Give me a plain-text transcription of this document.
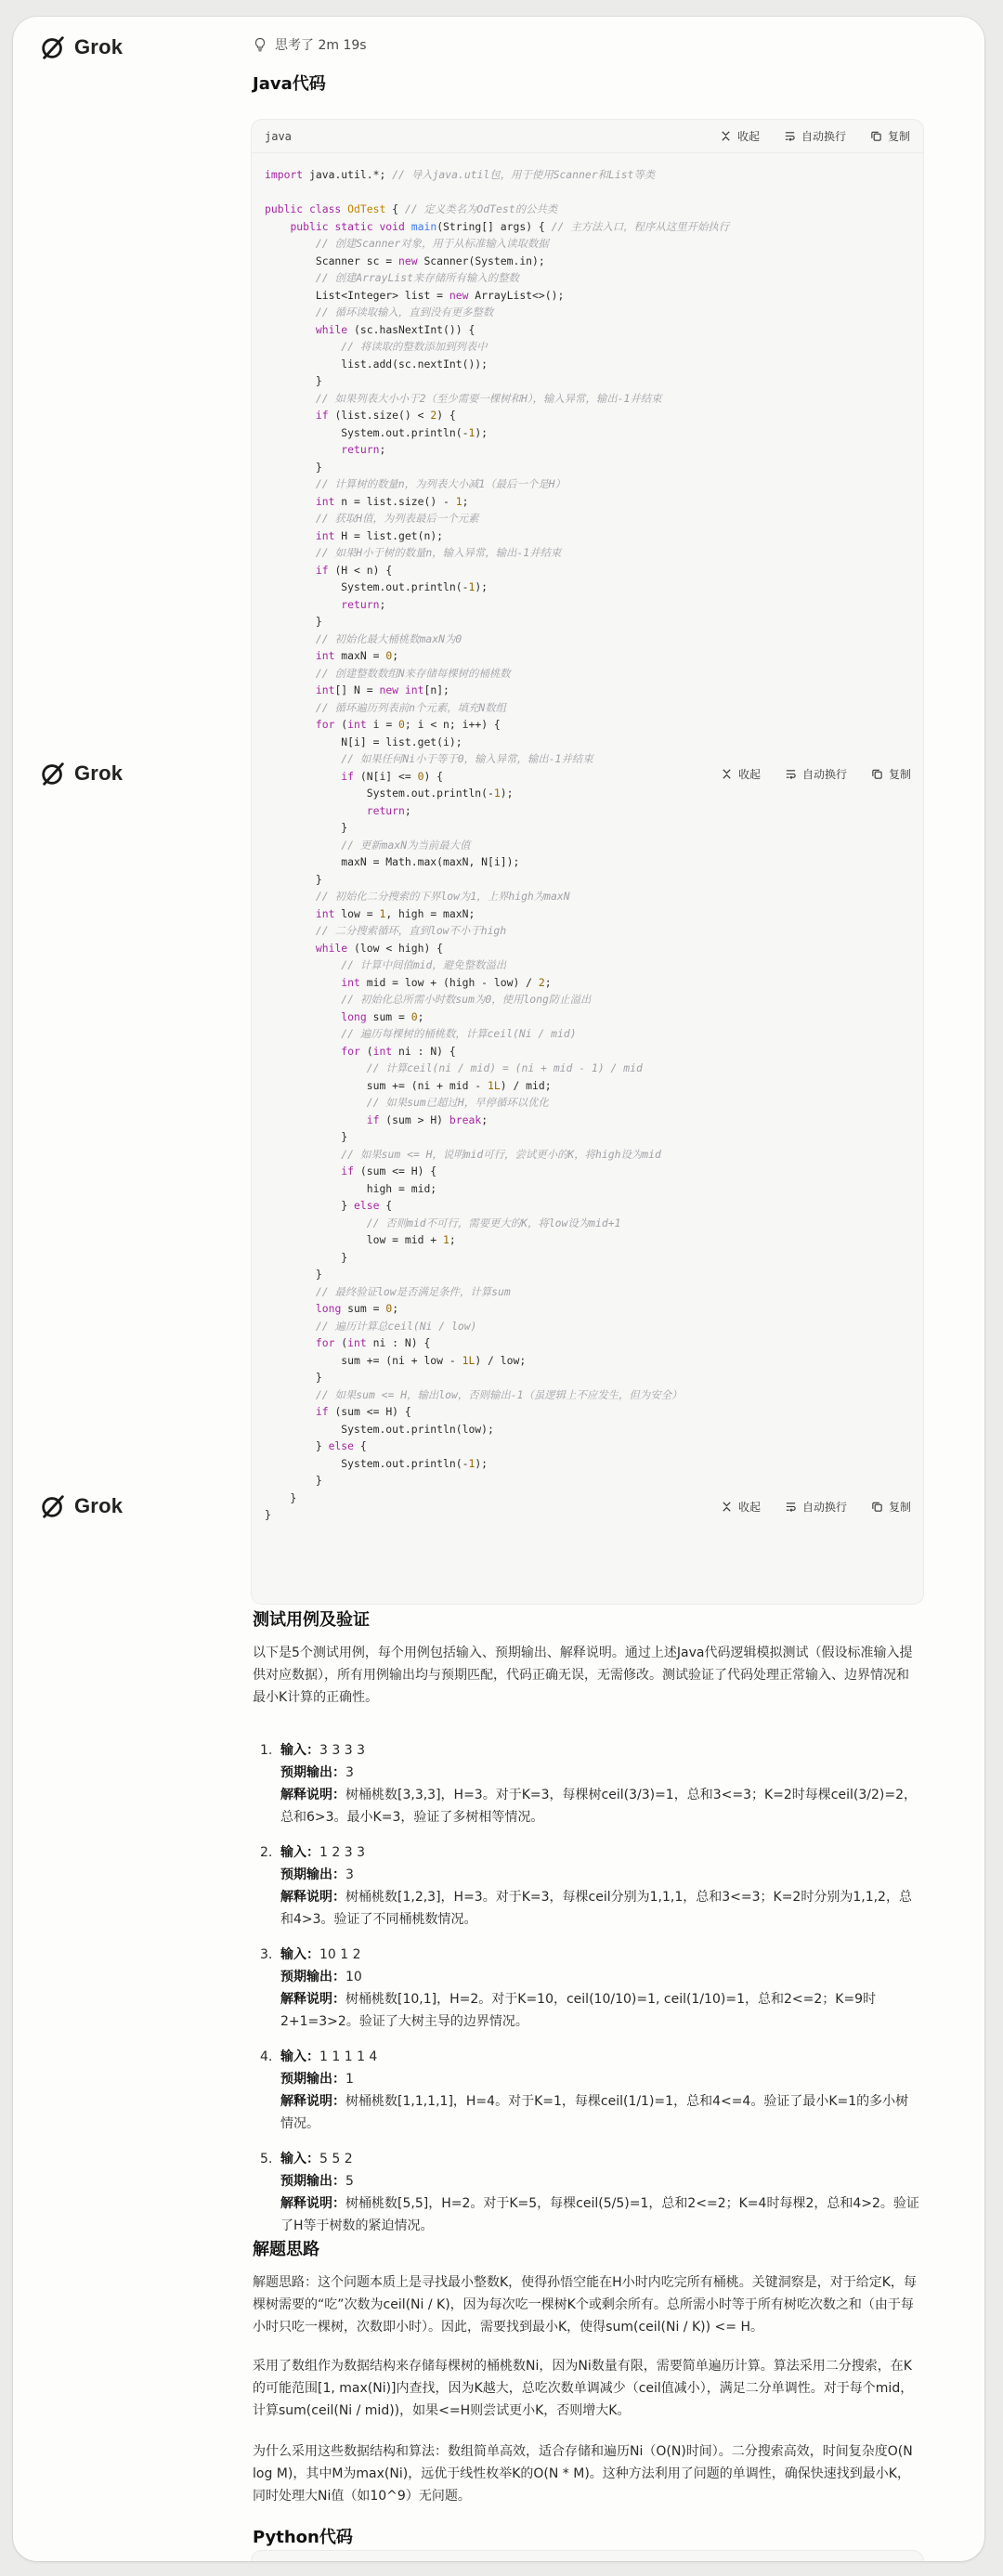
Grok
Grok
Grok
思考了 2m 19s
Java代码
java	收起	自动换行	复制
import java.util.*; // 导入java.util包，用于使用Scanner和List等类

public class OdTest { // 定义类名为OdTest的公共类
public static void main(String[] args) { // 主方法入口，程序从这里开始执行
// 创建Scanner对象，用于从标准输入读取数据
Scanner sc = new Scanner(System.in);
// 创建ArrayList来存储所有输入的整数
List<Integer> list = new ArrayList<>();
// 循环读取输入，直到没有更多整数
while (sc.hasNextInt()) {
// 将读取的整数添加到列表中
list.add(sc.nextInt());
}
// 如果列表大小小于2（至少需要一棵树和H），输入异常，输出-1并结束
if (list.size() < 2) {
System.out.println(-1);
return;
}
// 计算树的数量n，为列表大小减1（最后一个是H）
int n = list.size() - 1;
// 获取H值，为列表最后一个元素
int H = list.get(n);
// 如果H小于树的数量n，输入异常，输出-1并结束
if (H < n) {
System.out.println(-1);
return;
}
// 初始化最大桶桃数maxN为0
int maxN = 0;
// 创建整数数组N来存储每棵树的桶桃数
int[] N = new int[n];
// 循环遍历列表前n个元素，填充N数组
for (int i = 0; i < n; i++) {
N[i] = list.get(i);
// 如果任何Ni小于等于0，输入异常，输出-1并结束
if (N[i] <= 0) {
System.out.println(-1);
return;
}
// 更新maxN为当前最大值
maxN = Math.max(maxN, N[i]);
}
// 初始化二分搜索的下界low为1，上界high为maxN
int low = 1, high = maxN;
// 二分搜索循环，直到low不小于high
while (low < high) {
// 计算中间值mid，避免整数溢出
int mid = low + (high - low) / 2;
// 初始化总所需小时数sum为0，使用long防止溢出
long sum = 0;
// 遍历每棵树的桶桃数，计算ceil(Ni / mid)
for (int ni : N) {
// 计算ceil(ni / mid) = (ni + mid - 1) / mid
sum += (ni + mid - 1L) / mid;
// 如果sum已超过H，早停循环以优化
if (sum > H) break;
}
// 如果sum <= H，说明mid可行，尝试更小的K，将high设为mid
if (sum <= H) {
high = mid;
} else {
// 否则mid不可行，需要更大的K，将low设为mid+1
low = mid + 1;
}
}
// 最终验证low是否满足条件，计算sum
long sum = 0;
// 遍历计算总ceil(Ni / low)
for (int ni : N) {
sum += (ni + low - 1L) / low;
}
// 如果sum <= H，输出low，否则输出-1（虽逻辑上不应发生，但为安全）
if (sum <= H) {
System.out.println(low);
} else {
System.out.println(-1);
}
}
}
收起	自动换行	复制
收起	自动换行	复制
测试用例及验证
以下是5个测试用例，每个用例包括输入、预期输出、解释说明。通过上述Java代码逻辑模拟测试（假设标准输入提供对应数据），所有用例输出均与预期匹配，代码正确无误，无需修改。测试验证了代码处理正常输入、边界情况和最小K计算的正确性。
1. 输入：3 3 3 3
预期输出：3
解释说明：树桶桃数[3,3,3]，H=3。对于K=3，每棵树ceil(3/3)=1，总和3<=3；K=2时每棵ceil(3/2)=2，总和6>3。最小K=3，验证了多树相等情况。
2. 输入：1 2 3 3
预期输出：3
解释说明：树桶桃数[1,2,3]，H=3。对于K=3，每棵ceil分别为1,1,1，总和3<=3；K=2时分别为1,1,2，总和4>3。验证了不同桶桃数情况。
3. 输入：10 1 2
预期输出：10
解释说明：树桶桃数[10,1]，H=2。对于K=10，ceil(10/10)=1, ceil(1/10)=1，总和2<=2；K=9时2+1=3>2。验证了大树主导的边界情况。
4. 输入：1 1 1 1 4
预期输出：1
解释说明：树桶桃数[1,1,1,1]，H=4。对于K=1，每棵ceil(1/1)=1，总和4<=4。验证了最小K=1的多小树情况。
5. 输入：5 5 2
预期输出：5
解释说明：树桶桃数[5,5]，H=2。对于K=5，每棵ceil(5/5)=1，总和2<=2；K=4时每棵2，总和4>2。验证了H等于树数的紧迫情况。
解题思路
解题思路：这个问题本质上是寻找最小整数K，使得孙悟空能在H小时内吃完所有桶桃。关键洞察是，对于给定K，每棵树需要的“吃”次数为ceil(Ni / K)，因为每次吃一棵树K个或剩余所有。总所需小时等于所有树吃次数之和（由于每小时只吃一棵树，次数即小时）。因此，需要找到最小K，使得sum(ceil(Ni / K)) <= H。
采用了数组作为数据结构来存储每棵树的桶桃数Ni，因为Ni数量有限，需要简单遍历计算。算法采用二分搜索，在K的可能范围[1, max(Ni)]内查找，因为K越大，总吃次数单调减少（ceil值减小），满足二分单调性。对于每个mid，计算sum(ceil(Ni / mid))，如果<=H则尝试更小K，否则增大K。
为什么采用这些数据结构和算法：数组简单高效，适合存储和遍历Ni（O(N)时间）。二分搜索高效，时间复杂度O(N log M)，其中M为max(Ni)，远优于线性枚举K的O(N * M)。这种方法利用了问题的单调性，确保快速找到最小K，同时处理大Ni值（如10^9）无问题。
Python代码
